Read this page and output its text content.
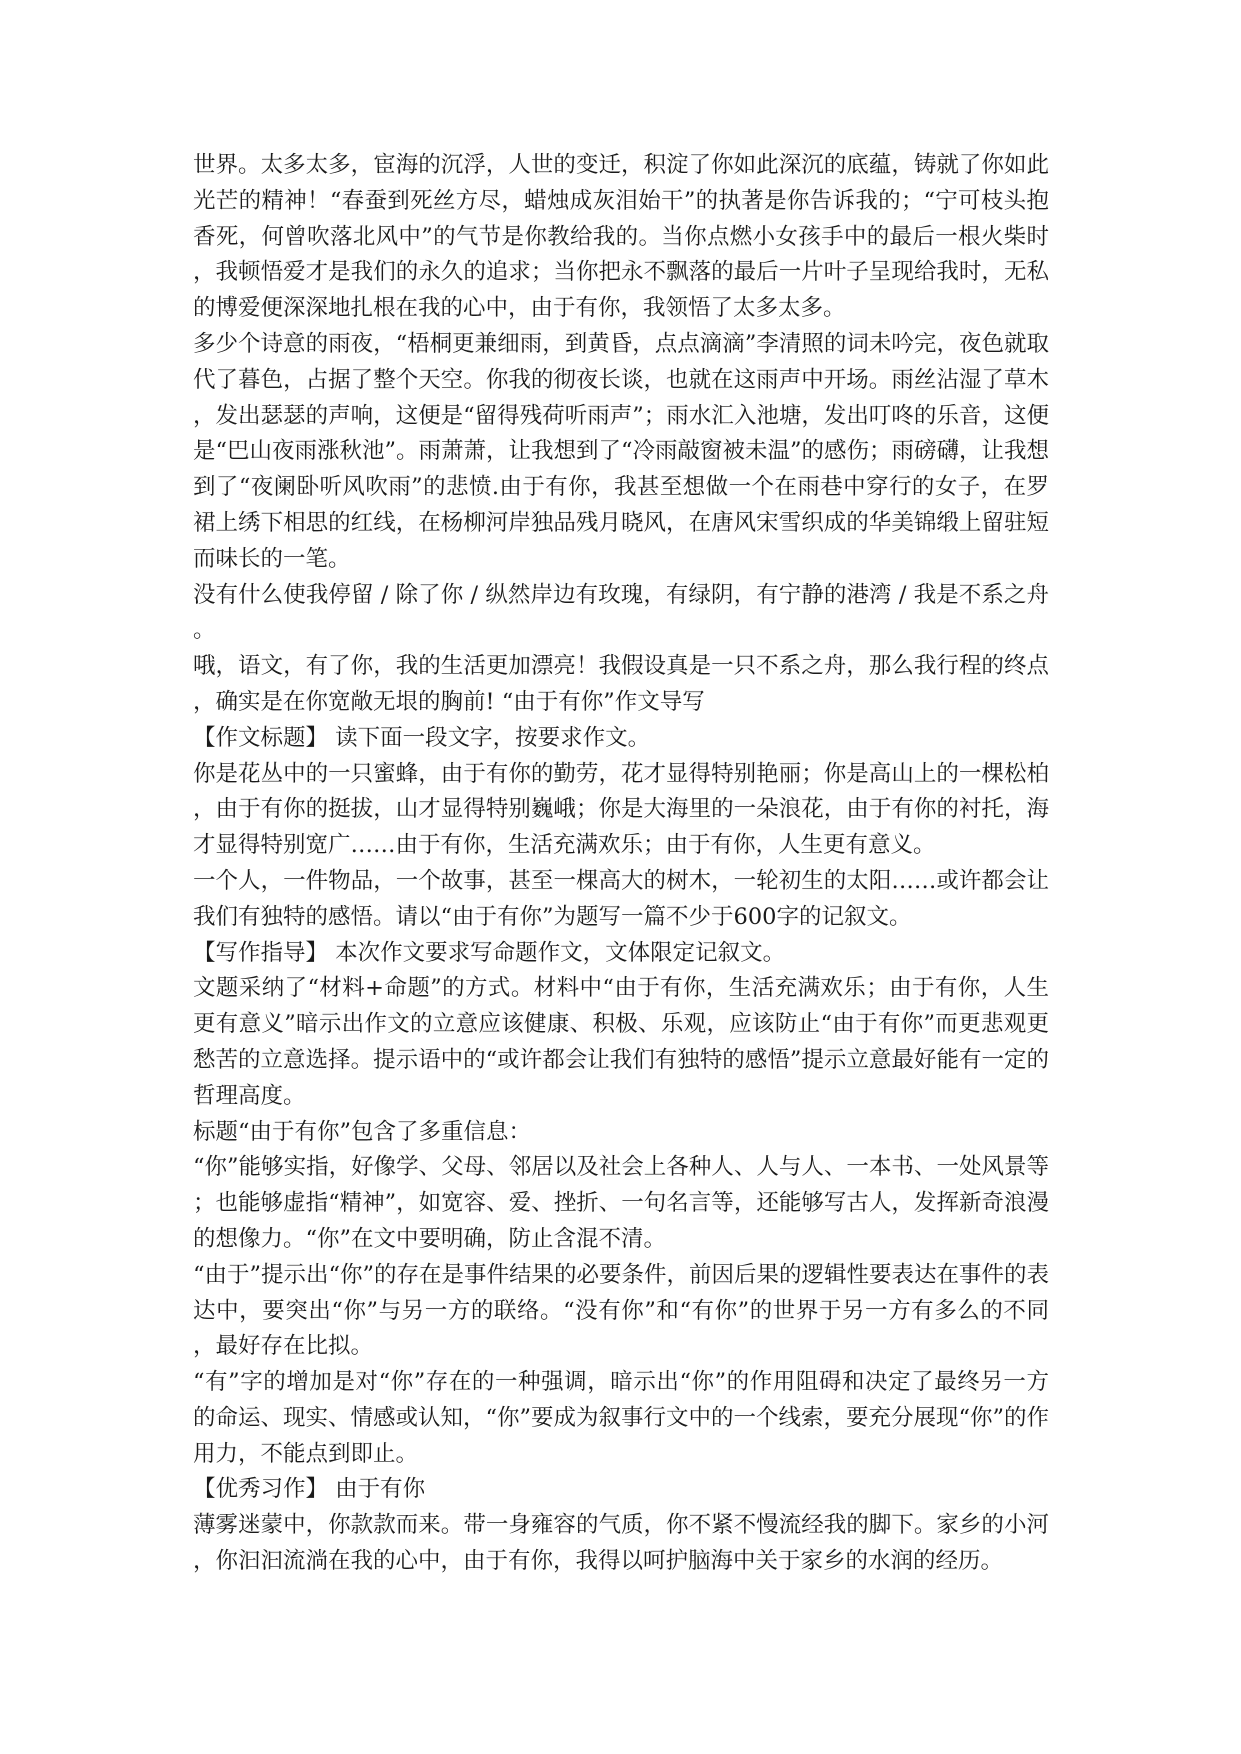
世界。太多太多，宦海的沉浮，人世的变迁，积淀了你如此深沉的底蕴，铸就了你如此光芒的精神！“春蚕到死丝方尽，蜡烛成灰泪始干”的执著是你告诉我的；“宁可枝头抱香死，何曾吹落北风中”的气节是你教给我的。当你点燃小女孩手中的最后一根火柴时，我顿悟爱才是我们的永久的追求；当你把永不飘落的最后一片叶子呈现给我时，无私的博爱便深深地扎根在我的心中，由于有你，我领悟了太多太多。

多少个诗意的雨夜，“梧桐更兼细雨，到黄昏，点点滴滴”李清照的词未吟完，夜色就取代了暮色，占据了整个天空。你我的彻夜长谈，也就在这雨声中开场。雨丝沾湿了草木，发出瑟瑟的声响，这便是“留得残荷听雨声”；雨水汇入池塘，发出叮咚的乐音，这便是“巴山夜雨涨秋池”。雨萧萧，让我想到了“冷雨敲窗被未温”的感伤；雨磅礴，让我想到了“夜阑卧听风吹雨”的悲愤.由于有你，我甚至想做一个在雨巷中穿行的女子，在罗裙上绣下相思的红线，在杨柳河岸独品残月晓风，在唐风宋雪织成的华美锦缎上留驻短而味长的一笔。

没有什么使我停留 / 除了你 / 纵然岸边有玫瑰，有绿阴，有宁静的港湾 / 我是不系之舟。

哦，语文，有了你，我的生活更加漂亮！我假设真是一只不系之舟，那么我行程的终点，确实是在你宽敞无垠的胸前! “由于有你”作文导写

【作文标题】 读下面一段文字，按要求作文。

你是花丛中的一只蜜蜂，由于有你的勤劳，花才显得特别艳丽；你是高山上的一棵松柏，由于有你的挺拔，山才显得特别巍峨；你是大海里的一朵浪花，由于有你的衬托，海才显得特别宽广……由于有你，生活充满欢乐；由于有你，人生更有意义。

一个人，一件物品，一个故事，甚至一棵高大的树木，一轮初生的太阳……或许都会让我们有独特的感悟。请以“由于有你”为题写一篇不少于600字的记叙文。

【写作指导】 本次作文要求写命题作文，文体限定记叙文。

文题采纳了“材料+命题”的方式。材料中“由于有你，生活充满欢乐；由于有你，人生更有意义”暗示出作文的立意应该健康、积极、乐观，应该防止“由于有你”而更悲观更愁苦的立意选择。提示语中的“或许都会让我们有独特的感悟”提示立意最好能有一定的哲理高度。

标题“由于有你”包含了多重信息：

“你”能够实指，好像学、父母、邻居以及社会上各种人、人与人、一本书、一处风景等；也能够虚指“精神”，如宽容、爱、挫折、一句名言等，还能够写古人，发挥新奇浪漫的想像力。“你”在文中要明确，防止含混不清。

“由于”提示出“你”的存在是事件结果的必要条件，前因后果的逻辑性要表达在事件的表达中，要突出“你”与另一方的联络。“没有你”和“有你”的世界于另一方有多么的不同，最好存在比拟。

“有”字的增加是对“你”存在的一种强调，暗示出“你”的作用阻碍和决定了最终另一方的命运、现实、情感或认知，“你”要成为叙事行文中的一个线索，要充分展现“你”的作用力，不能点到即止。

【优秀习作】 由于有你

薄雾迷蒙中，你款款而来。带一身雍容的气质，你不紧不慢流经我的脚下。家乡的小河，你汩汩流淌在我的心中，由于有你，我得以呵护脑海中关于家乡的水润的经历。
